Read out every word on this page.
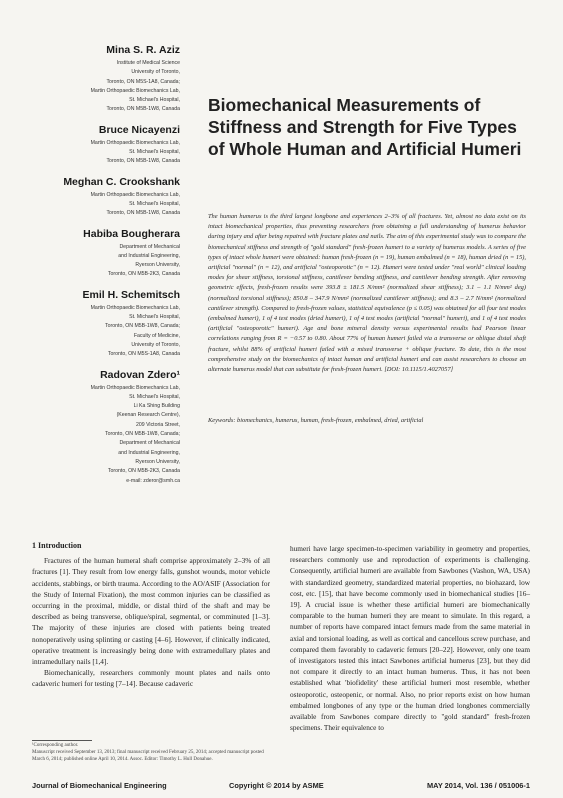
Mina S. R. Aziz
Institute of Medical Science
University of Toronto,
Toronto, ON M5S-1A8, Canada;
Martin Orthopaedic Biomechanics Lab,
St. Michael's Hospital,
Toronto, ON M5B-1W8, Canada
Bruce Nicayenzi
Martin Orthopaedic Biomechanics Lab,
St. Michael's Hospital,
Toronto, ON M5B-1W8, Canada
Meghan C. Crookshank
Martin Orthopaedic Biomechanics Lab,
St. Michael's Hospital,
Toronto, ON M5B-1W8, Canada
Habiba Bougherara
Department of Mechanical
and Industrial Engineering,
Ryerson University,
Toronto, ON M5B-2K3, Canada
Emil H. Schemitsch
Martin Orthopaedic Biomechanics Lab,
St. Michael's Hospital,
Toronto, ON M5B-1W8, Canada;
Faculty of Medicine,
University of Toronto,
Toronto, ON M5S-1A8, Canada
Radovan Zdero¹
Martin Orthopaedic Biomechanics Lab,
St. Michael's Hospital,
Li Ka Shing Building
(Keenan Research Centre),
209 Victoria Street,
Toronto, ON M5B-1W8, Canada;
Department of Mechanical
and Industrial Engineering,
Ryerson University,
Toronto, ON M5B-2K3, Canada
e-mail: zderor@smh.ca
Biomechanical Measurements of Stiffness and Strength for Five Types of Whole Human and Artificial Humeri
The human humerus is the third largest longbone and experiences 2–3% of all fractures. Yet, almost no data exist on its intact biomechanical properties, thus preventing researchers from obtaining a full understanding of humerus behavior during injury and after being repaired with fracture plates and nails. The aim of this experimental study was to compare the biomechanical stiffness and strength of "gold standard" fresh-frozen humeri to a variety of humerus models. A series of five types of intact whole humeri were obtained: human fresh-frozen (n = 19), human embalmed (n = 18), human dried (n = 15), artificial "normal" (n = 12), and artificial "osteoporotic" (n = 12). Humeri were tested under "real world" clinical loading modes for shear stiffness, torsional stiffness, cantilever bending stiffness, and cantilever bending strength. After removing geometric effects, fresh-frozen results were 393.8 ± 181.5 N/mm² (normalized shear stiffness); 3.1 – 1.1 N/mm² deg) (normalized torsional stiffness); 850.8 – 347.9 N/mm² (normalized cantilever stiffness); and 8.3 – 2.7 N/mm² (normalized cantilever strength). Compared to fresh-frozen values, statistical equivalence (p ≤ 0.05) was obtained for all four test modes (embalmed humeri), 1 of 4 test modes (dried humeri), 1 of 4 test modes (artificial "normal" humeri), and 1 of 4 test modes (artificial "osteoporotic" humeri). Age and bone mineral density versus experimental results had Pearson linear correlations ranging from R = −0.57 to 0.80. About 77% of human humeri failed via a transverse or oblique distal shaft fracture, whilst 88% of artificial humeri failed with a mixed transverse + oblique fracture. To date, this is the most comprehensive study on the biomechanics of intact human and artificial humeri and can assist researchers to choose an alternate humerus model that can substitute for fresh-frozen humeri. [DOI: 10.1115/1.4027057]
Keywords: biomechanics, humerus, human, fresh-frozen, embalmed, dried, artificial
1 Introduction

Fractures of the human humeral shaft comprise approximately 2–3% of all fractures [1]. They result from low energy falls, gunshot wounds, motor vehicle accidents, stabbings, or birth trauma. According to the AO/ASIF (Association for the Study of Internal Fixation), the most common injuries can be classified as occurring in the proximal, middle, or distal third of the shaft and may be described as being transverse, oblique/spiral, segmental, or comminuted [1–3]. The majority of these injuries are closed with patients being treated nonoperatively using splinting or casting [4–6]. However, if clinically indicated, operative treatment is increasingly being done with extramedullary plates and intramedullary nails [1,4].

Biomechanically, researchers commonly mount plates and nails onto cadaveric humeri for testing [7–14]. Because cadaveric

humeri have large specimen-to-specimen variability in geometry and properties, researchers commonly use and reproduction of experiments is challenging. Consequently, artificial humeri are available from Sawbones (Vashon, WA, USA) with standardized geometry, standardized material properties, no biohazard, low cost, etc. [15], that have become commonly used in biomechanical studies [16–19]. A crucial issue is whether these artificial humeri are biomechanically comparable to the human humeri they are meant to simulate. In this regard, a number of reports have compared intact femurs made from the same material in axial and torsional loading, as well as cortical and cancellous screw purchase, and compared them favorably to cadaveric femurs [20–22]. However, only one team of investigators tested this intact Sawbones artificial humerus [23], but they did not compare it directly to an intact human humerus. Thus, it has not been established what 'biofidelity' these artificial humeri most resemble, whether osteoporotic, osteopenic, or normal. Also, no prior reports exist on how human embalmed longbones of any type or the human dried longbones commercially available from Sawbones compare directly to "gold standard" fresh-frozen specimens. Their equivalence to

¹Corresponding author.
Manuscript received September 13, 2013; final manuscript received February 25, 2014; accepted manuscript posted March 6, 2014; published online April 10, 2014. Assoc. Editor: Timothy L. Hull Donahue.
Journal of Biomechanical Engineering	Copyright © 2014 by ASME	MAY 2014, Vol. 136 / 051006-1
